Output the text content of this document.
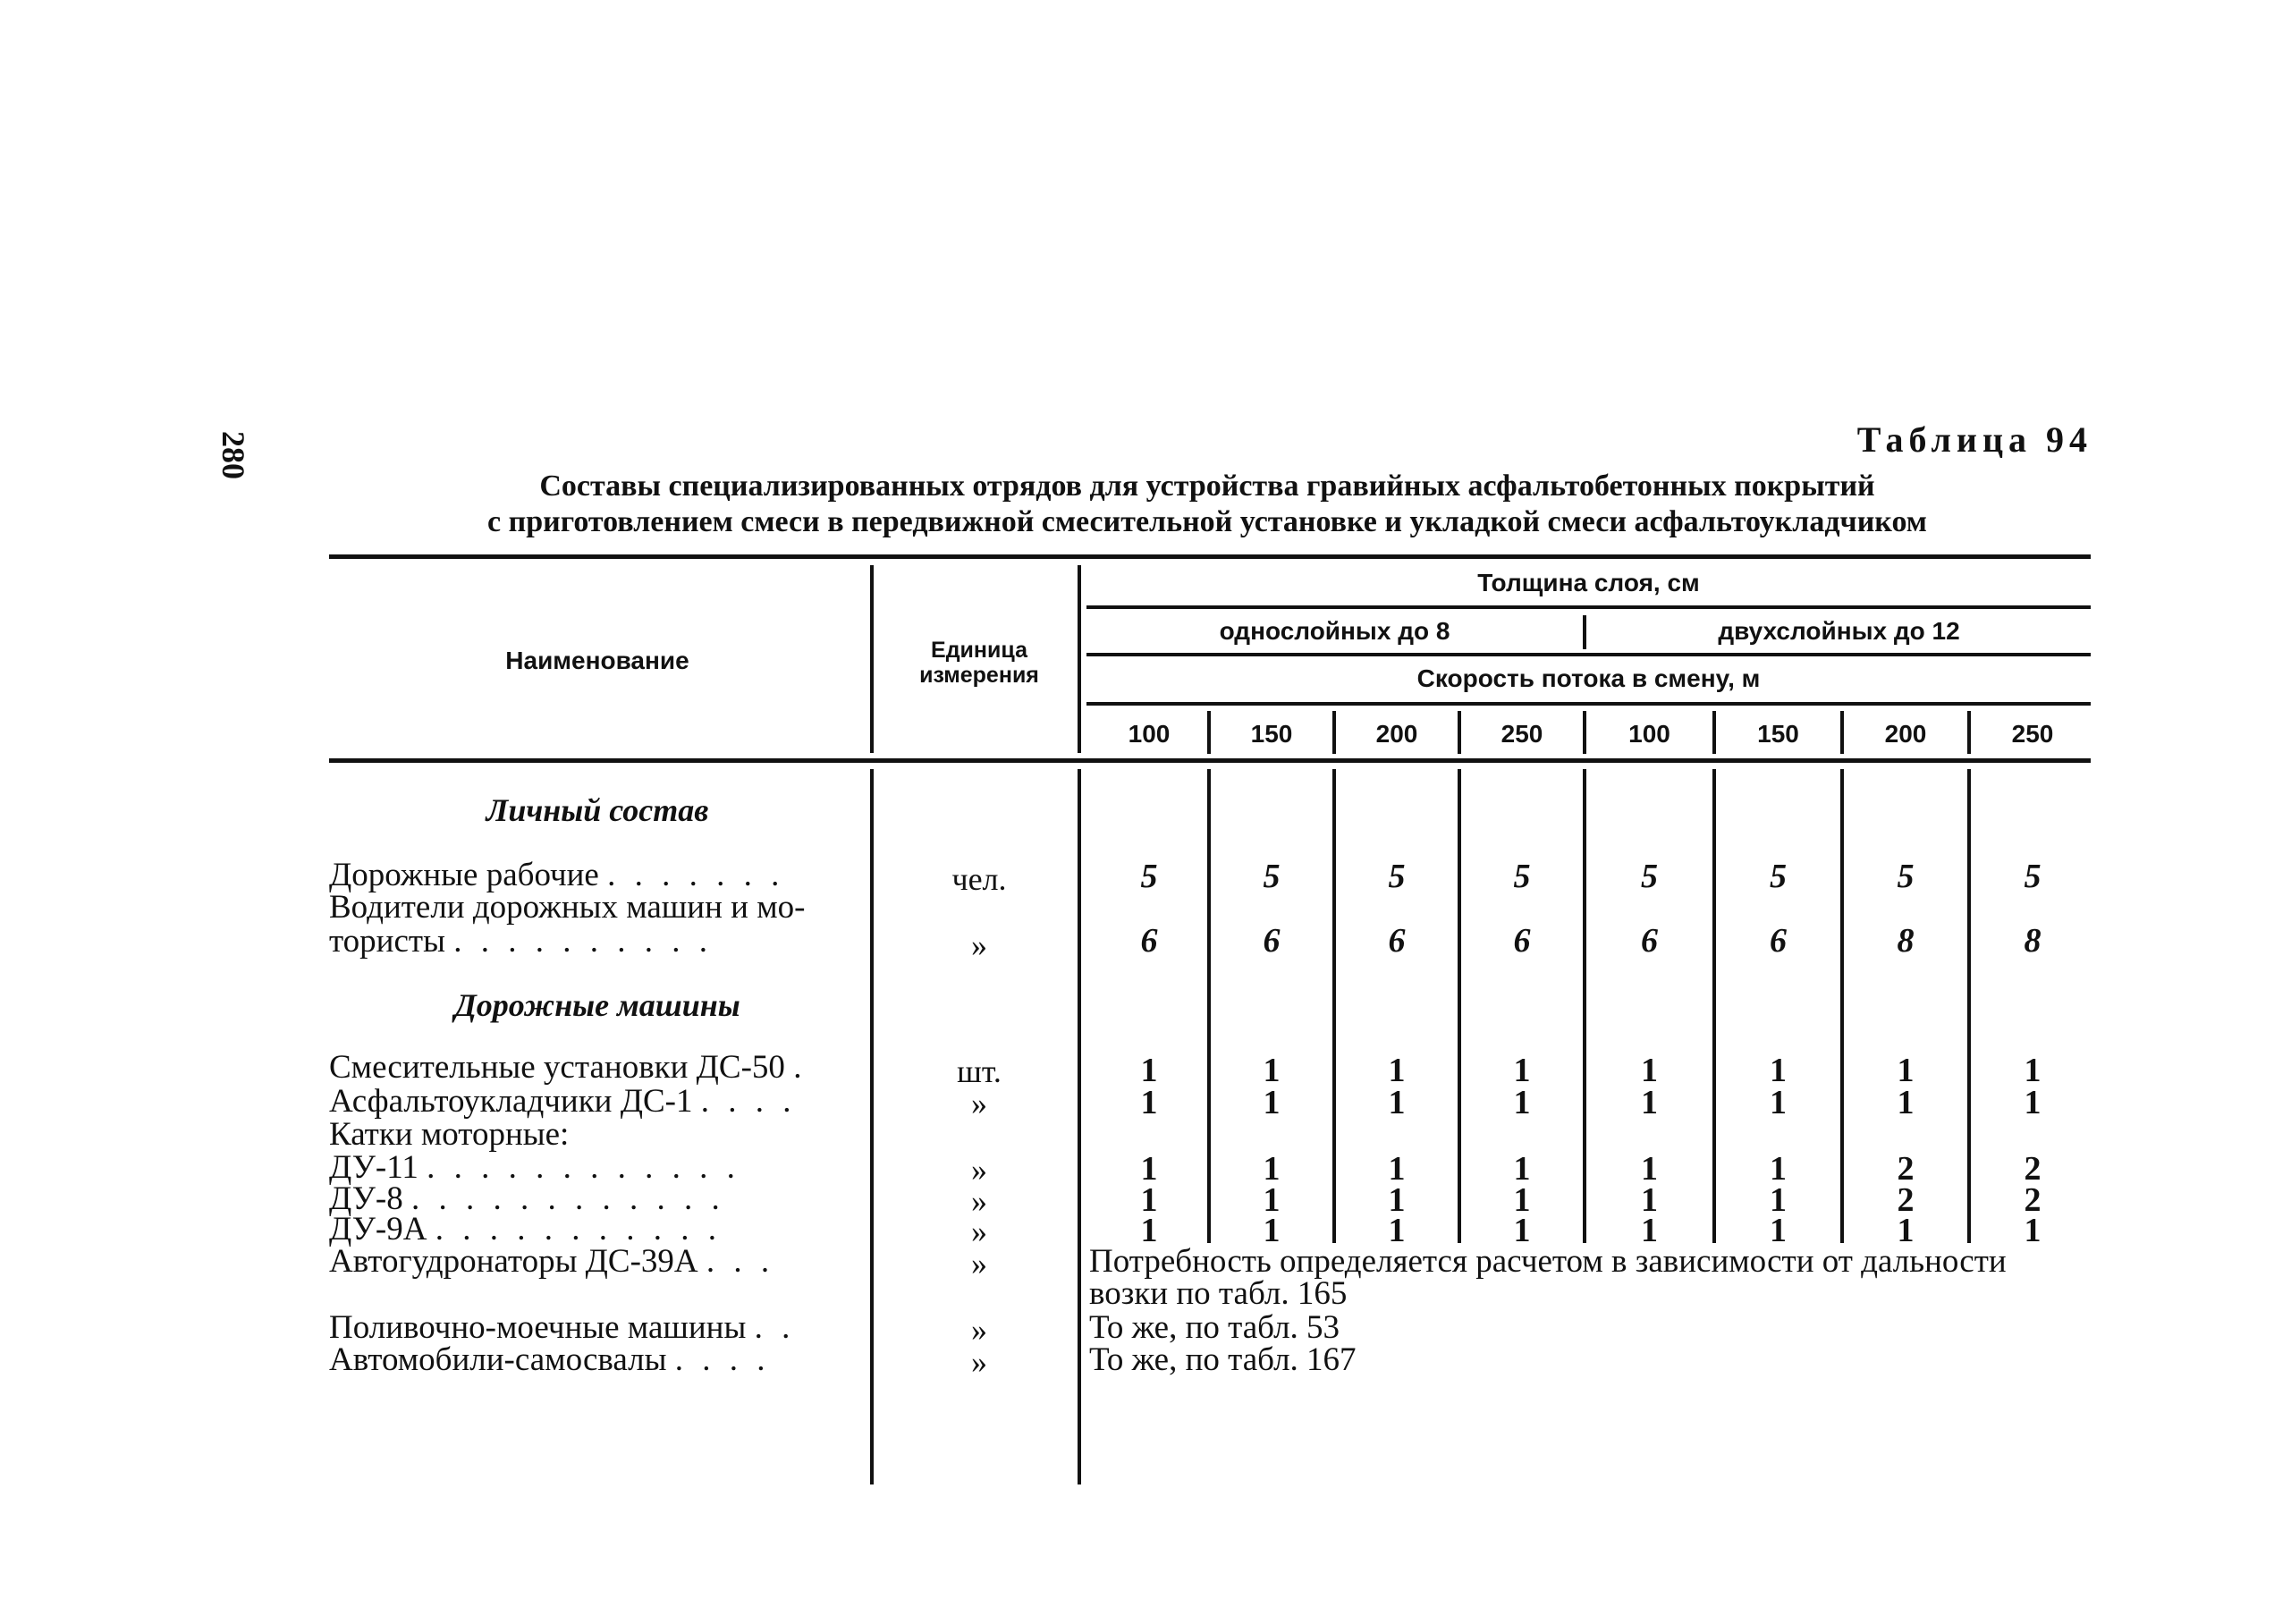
280	Таблица 94
Составы специализированных отрядов для устройства гравийных асфальтобетонных покрытий
с приготовлением смеси в передвижной смесительной установке и укладкой смеси асфальтоукладчиком
Наименование	Единица
измерения
Толщина слоя, см
однослойных до 8	двухслойных до 12
Скорость потока в смену, м
100	150	200	250	100	150	200	250
Личный состав
Дорожные машины
Дорожные рабочие . . . . . . .	чел.	5	5	5	5	5	5	5	5
Водители дорожных машин и мо-
тористы . . . . . . . . . .	»	6	6	6	6	6	6	8	8
Смесительные установки ДС-50 .	шт.	1	1	1	1	1	1	1	1
Асфальтоукладчики ДС-1 . . . .	»	1	1	1	1	1	1	1	1
Катки моторные:
ДУ-11 . . . . . . . . . . . .	»	1	1	1	1	1	1	2	2
ДУ-8 . . . . . . . . . . . .	»	1	1	1	1	1	1	2	2
ДУ-9А . . . . . . . . . . .	»	1	1	1	1	1	1	1	1
Автогудронаторы ДС-39А . . .	»	Потребность определяется расчетом в зависимости от дальности
возки по табл. 165
Поливочно-моечные машины . .	»	То же, по табл. 53
Автомобили-самосвалы . . . .	»	То же, по табл. 167
